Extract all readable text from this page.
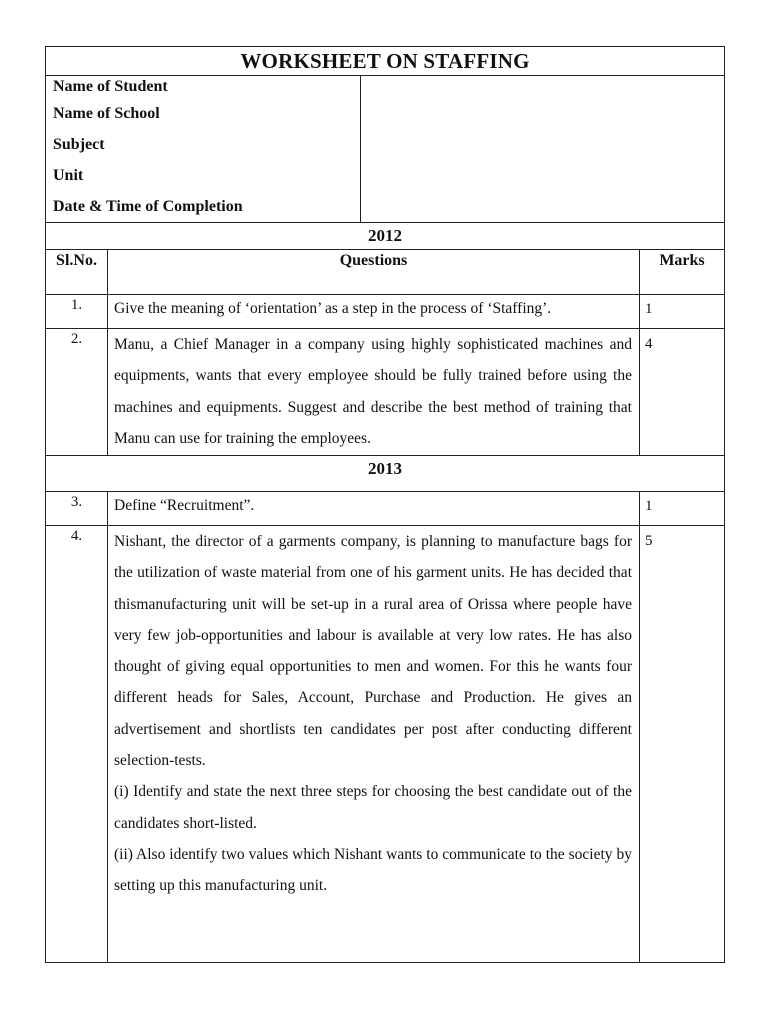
WORKSHEET ON STAFFING			

Name of Student
Name of School
Subject
Unit
Date & Time of Completion			

2012			
Sl.No.	Questions		Marks
1.	Give the meaning of ‘orientation’ as a step in the process of ‘Staffing’.		1
2.	Manu, a Chief Manager in a company using highly sophisticated machines and equipments, wants that every employee should be fully trained before using the machines and equipments. Suggest and describe the best method of training that Manu can use for training the employees.		4
2013			
3.	Define “Recruitment”.		1
4.	Nishant, the director of a garments company, is planning to manufacture bags for the utilization of waste material from one of his garment units. He has decided that thismanufacturing unit will be set-up in a rural area of Orissa where people have very few job-opportunities and labour is available at very low rates. He has also thought of giving equal opportunities to men and women. For this he wants four different heads for Sales, Account, Purchase and Production. He gives an advertisement and shortlists ten candidates per post after conducting different selection-tests.

(i) Identify and state the next three steps for choosing the best candidate out of the candidates short-listed.

(ii) Also identify two values which Nishant wants to communicate to the society by setting up this manufacturing unit.		5
